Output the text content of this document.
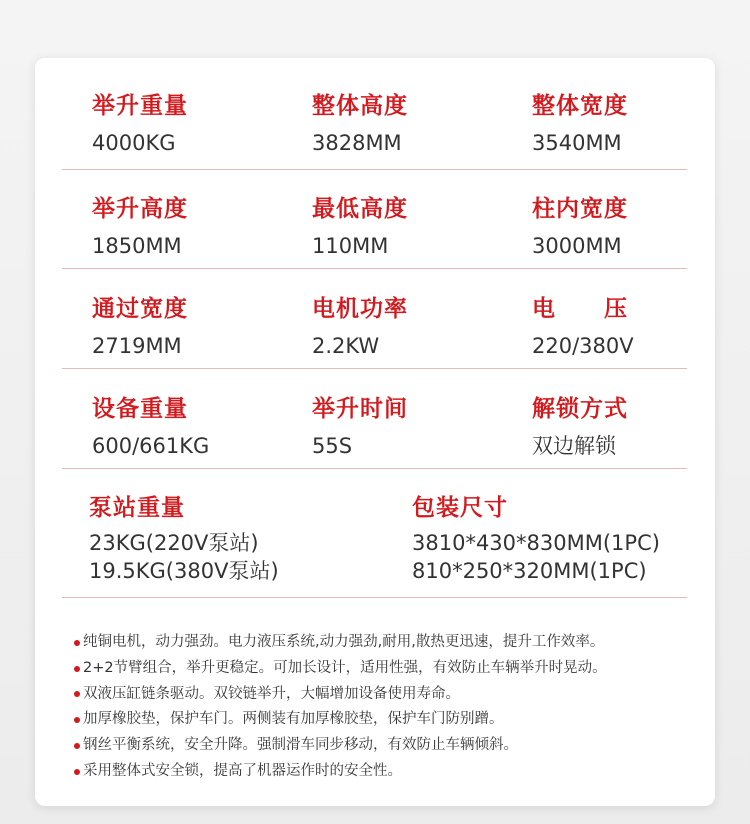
举升重量
4000KG
整体高度
3828MM
整体宽度
3540MM
举升高度
1850MM
最低高度
110MM
柱内宽度
3000MM
通过宽度
2719MM
电机功率
2.2KW
电　　压
220/380V
设备重量
600/661KG
举升时间
55S
解锁方式
双边解锁
泵站重量
23KG(220V泵站)
19.5KG(380V泵站)
包装尺寸
3810*430*830MM(1PC)
810*250*320MM(1PC)
纯铜电机，动力强劲。电力液压系统,动力强劲,耐用,散热更迅速，提升工作效率。
2+2节臂组合，举升更稳定。可加长设计，适用性强，有效防止车辆举升时晃动。
双液压缸链条驱动。双铰链举升，大幅增加设备使用寿命。
加厚橡胶垫，保护车门。两侧装有加厚橡胶垫，保护车门防别蹭。
钢丝平衡系统，安全升降。强制滑车同步移动，有效防止车辆倾斜。
采用整体式安全锁，提高了机器运作时的安全性。
